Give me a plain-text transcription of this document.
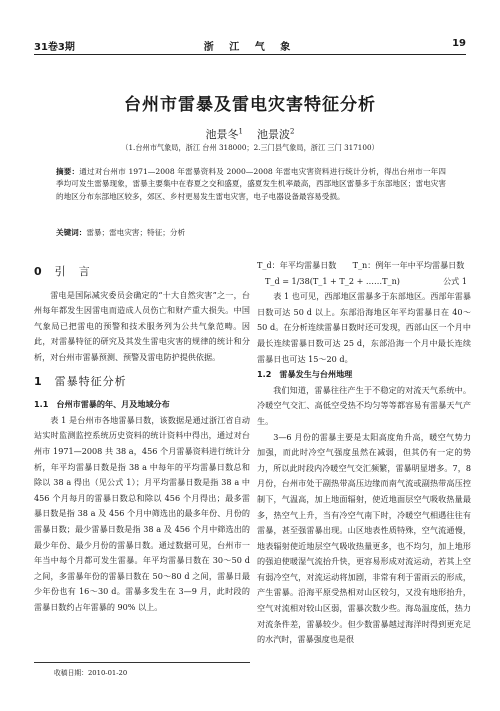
31卷3期	浙 江 气 象	19
台州市雷暴及雷电灾害特征分析
池景冬$^1$ 池景波$^2$
（1.台州市气象局，浙江 台州 318000；2.三门县气象局，浙江 三门 317100）
摘要：通过对台州市 1971—2008 年雷暴资料及 2000—2008 年雷电灾害资料进行统计分析，得出台州市一年四季均可发生雷暴现象，雷暴主要集中在春夏之交和盛夏，盛夏发生机率最高，西部地区雷暴多于东部地区；雷电灾害的地区分布东部地区较多，郊区、乡村更易发生雷电灾害，电子电器设备最容易受损。
关键词：雷暴；雷电灾害；特征；分析
0 引　言

雷电是国际减灾委员会确定的“十大自然灾害”之一，台州每年都发生因雷电而造成人员伤亡和财产重大损失。中国气象局已把雷电的预警和技术服务列为公共气象范畴。因此，对雷暴特征的研究及其发生雷电灾害的规律的统计和分析，对台州市雷暴预测、预警及雷电防护提供依据。

1 雷暴特征分析
1.1　台州市雷暴的年、月及地域分布

表 1 是台州市各地雷暴日数，该数据是通过浙江省自动站实时监测监控系统历史资料的统计资料中得出，通过对台州市 1971—2008 共 38 a，456 个月雷暴资料进行统计分析，年平均雷暴日数是指 38 a 中每年的平均雷暴日数总和除以 38 a 得出（见公式 1）；月平均雷暴日数是指 38 a 中 456 个月每月的雷暴日数总和除以 456 个月得出；最多雷暴日数是指 38 a 及 456 个月中筛选出的最多年份、月份的雷暴日数；最少雷暴日数是指 38 a 及 456 个月中筛选出的最少年份、最少月份的雷暴日数。通过数据可见，台州市一年当中每个月都可发生雷暴。年平均雷暴日数在 30～50 d 之间，多雷暴年份的雷暴日数在 50～80 d 之间，雷暴日最少年份也有 16～30 d。雷暴多发生在 3—9 月，此时段的雷暴日数约占年雷暴的 90% 以上。

T_d：年平均雷暴日数　　T_n：例年一年中平均雷暴日数

T_d = 1/38(T_1 + T_2 + ……T_n)	公式 1

表 1 也可见，西部地区雷暴多于东部地区。西部年雷暴日数可达 50 d 以上。东部沿海地区年平均雷暴日在 40～50 d。在分析连续雷暴日数时还可发现，西部山区一个月中最长连续雷暴日数可达 25 d，东部沿海一个月中最长连续雷暴日也可达 15～20 d。

1.2　雷暴发生与台州地理

我们知道，雷暴往往产生于不稳定的对流天气系统中。冷暖空气交汇、高低空受热不均匀等等都容易有雷暴天气产生。

3—6 月份的雷暴主要是太阳高度角升高，暖空气势力加强，而此时冷空气强度虽然在减弱，但其仍有一定的势力，所以此时段内冷暖空气交汇频繁，雷暴明显增多。7，8 月份，台州市处于副热带高压边缘而南气流或副热带高压控制下，气温高，加上地面辐射，使近地面层空气吸收热量最多，热空气上升，当有冷空气南下时，冷暖空气相遇往往有雷暴，甚至强雷暴出现。山区地表性质特殊，空气流通慢，地表辐射使近地层空气吸收热量更多，也不均匀，加上地形的强迫使暖湿气流抬升快，更容易形成对流运动，若其上空有弱冷空气，对流运动将加剧，非常有利于雷雨云的形成，产生雷暴。沿海平原受热相对山区较匀，又没有地形抬升，空气对流相对较山区弱，雷暴次数少些。海岛温度低，热力对流条件差，雷暴较少。但少数雷暴越过海洋时得到更充足的水汽时，雷暴强度也是很

收稿日期：2010-01-20
